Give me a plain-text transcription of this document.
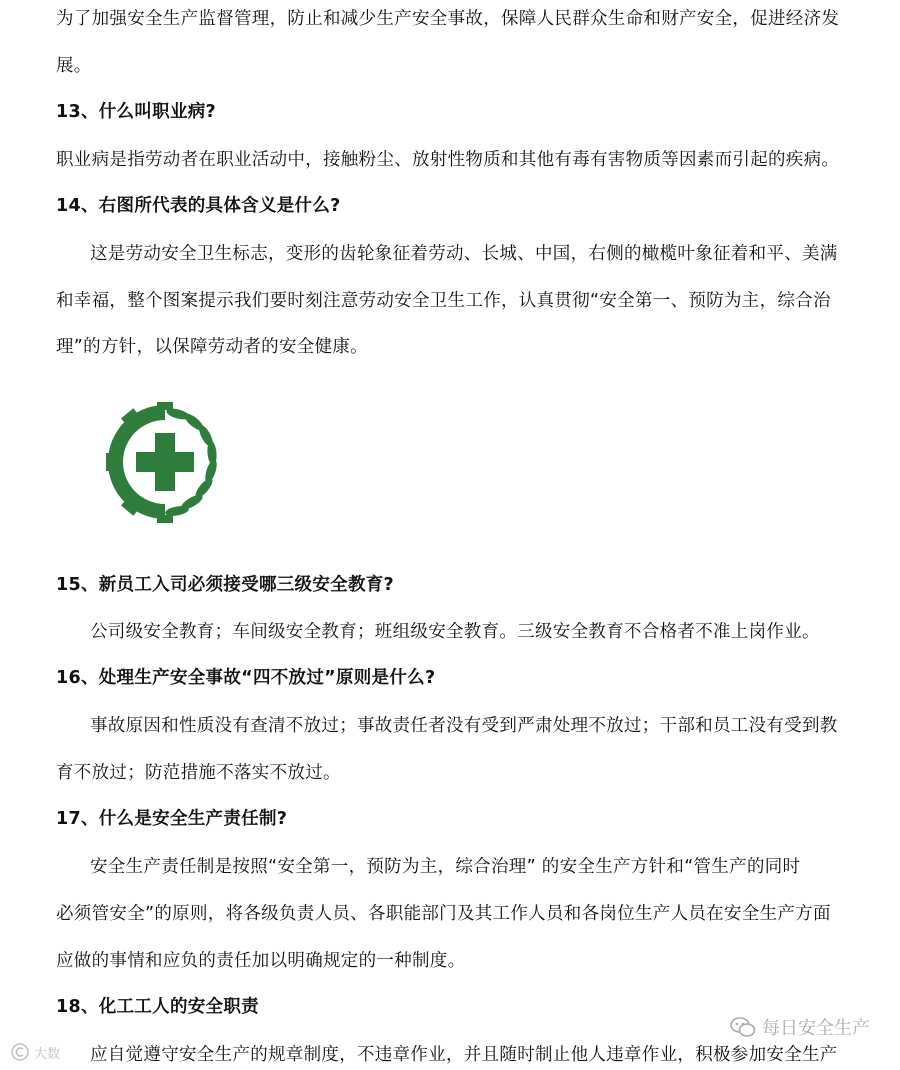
为了加强安全生产监督管理，防止和减少生产安全事故，保障人民群众生命和财产安全，促进经济发
展。
13、什么叫职业病?
职业病是指劳动者在职业活动中，接触粉尘、放射性物质和其他有毒有害物质等因素而引起的疾病。
14、右图所代表的具体含义是什么?
这是劳动安全卫生标志，变形的齿轮象征着劳动、长城、中国，右侧的橄榄叶象征着和平、美满
和幸福，整个图案提示我们要时刻注意劳动安全卫生工作，认真贯彻“安全第一、预防为主，综合治
理”的方针，以保障劳动者的安全健康。
15、新员工入司必须接受哪三级安全教育?
公司级安全教育；车间级安全教育；班组级安全教育。三级安全教育不合格者不准上岗作业。
16、处理生产安全事故“四不放过”原则是什么?
事故原因和性质没有查清不放过；事故责任者没有受到严肃处理不放过；干部和员工没有受到教
育不放过；防范措施不落实不放过。
17、什么是安全生产责任制?
安全生产责任制是按照“安全第一，预防为主，综合治理” 的安全生产方针和“管生产的同时
必须管安全”的原则，将各级负责人员、各职能部门及其工作人员和各岗位生产人员在安全生产方面
应做的事情和应负的责任加以明确规定的一种制度。
18、化工工人的安全职责
应自觉遵守安全生产的规章制度，不违章作业，并且随时制止他人违章作业，积极参加安全生产
每日安全生产
大数
